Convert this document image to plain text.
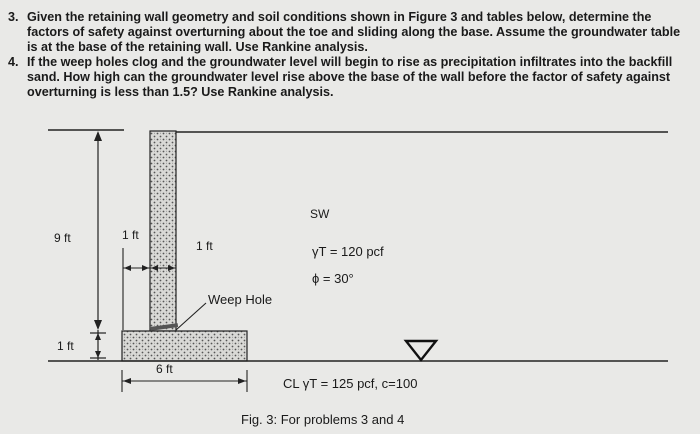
3. Given the retaining wall geometry and soil conditions shown in Figure 3 and tables below, determine the factors of safety against overturning about the toe and sliding along the base. Assume the groundwater table is at the base of the retaining wall. Use Rankine analysis.
4. If the weep holes clog and the groundwater level will begin to rise as precipitation infiltrates into the backfill sand. How high can the groundwater level rise above the base of the wall before the factor of safety against overturning is less than 1.5? Use Rankine analysis.
9 ft
1 ft
1 ft
1 ft
6 ft
Weep Hole
SW
γT = 120 pcf
ϕ = 30°
CL γT = 125 pcf, c=100
Fig. 3: For problems 3 and 4
